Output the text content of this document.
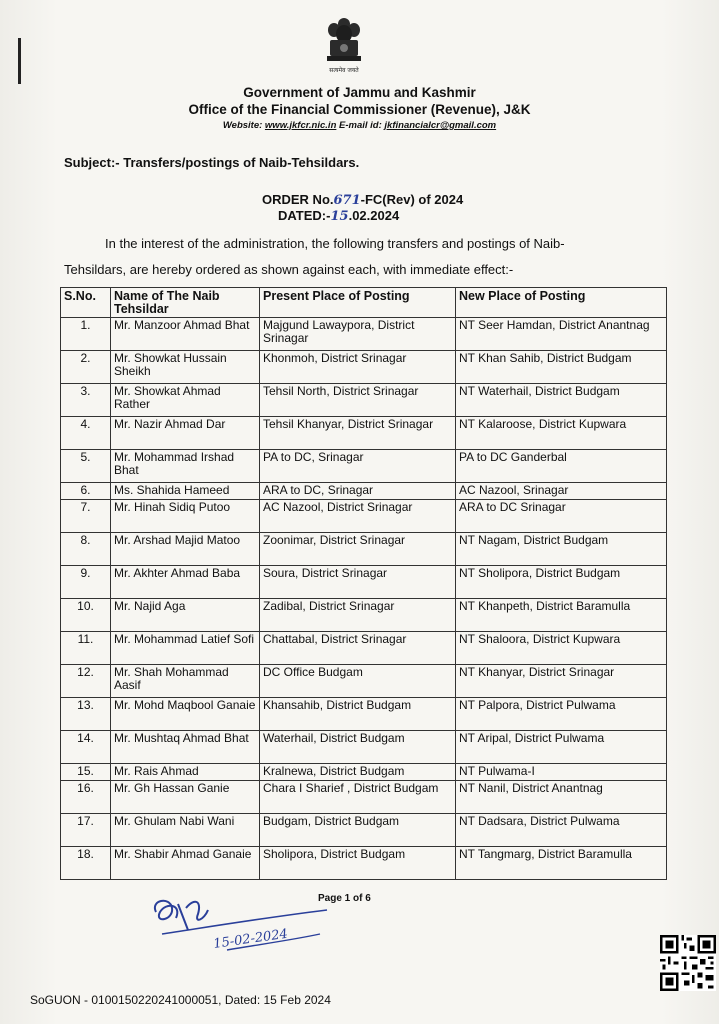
सत्यमेव जयते
Government of Jammu and Kashmir
Office of the Financial Commissioner (Revenue), J&K
Website: www.jkfcr.nic.in E-mail id: jkfinancialcr@gmail.com
Subject:- Transfers/postings of Naib-Tehsildars.
ORDER No.671-FC(Rev) of 2024
DATED:-15.02.2024
In the interest of the administration, the following transfers and postings of Naib-
Tehsildars, are hereby ordered as shown against each, with immediate effect:-
S.No.	Name of The Naib Tehsildar	Present Place of Posting	New Place of Posting
1.	Mr. Manzoor Ahmad Bhat	Majgund Lawaypora, District Srinagar	NT Seer Hamdan, District Anantnag
2.	Mr. Showkat Hussain Sheikh	Khonmoh, District Srinagar	NT Khan Sahib, District Budgam
3.	Mr. Showkat Ahmad Rather	Tehsil North, District Srinagar	NT Waterhail, District Budgam
4.	Mr. Nazir Ahmad Dar	Tehsil Khanyar, District Srinagar	NT Kalaroose, District Kupwara
5.	Mr. Mohammad Irshad Bhat	PA to DC, Srinagar	PA to DC Ganderbal
6.	Ms. Shahida Hameed	ARA to DC, Srinagar	AC Nazool, Srinagar
7.	Mr. Hinah Sidiq Putoo	AC Nazool, District Srinagar	ARA to DC Srinagar
8.	Mr. Arshad Majid Matoo	Zoonimar, District Srinagar	NT Nagam, District Budgam
9.	Mr. Akhter Ahmad Baba	Soura, District Srinagar	NT Sholipora, District Budgam
10.	Mr. Najid Aga	Zadibal, District Srinagar	NT Khanpeth, District Baramulla
11.	Mr. Mohammad Latief Sofi	Chattabal, District Srinagar	NT Shaloora, District Kupwara
12.	Mr. Shah Mohammad Aasif	DC Office Budgam	NT Khanyar, District Srinagar
13.	Mr. Mohd Maqbool Ganaie	Khansahib, District Budgam	NT Palpora, District Pulwama
14.	Mr. Mushtaq Ahmad Bhat	Waterhail, District Budgam	NT Aripal, District Pulwama
15.	Mr. Rais Ahmad	Kralnewa, District Budgam	NT Pulwama-I
16.	Mr. Gh Hassan Ganie	Chara I Sharief , District Budgam	NT Nanil, District Anantnag
17.	Mr. Ghulam Nabi Wani	Budgam, District Budgam	NT Dadsara, District Pulwama
18.	Mr. Shabir Ahmad Ganaie	Sholipora, District Budgam	NT Tangmarg, District Baramulla
Page 1 of 6
15-02-2024
SoGUON - 0100150220241000051, Dated: 15 Feb 2024
